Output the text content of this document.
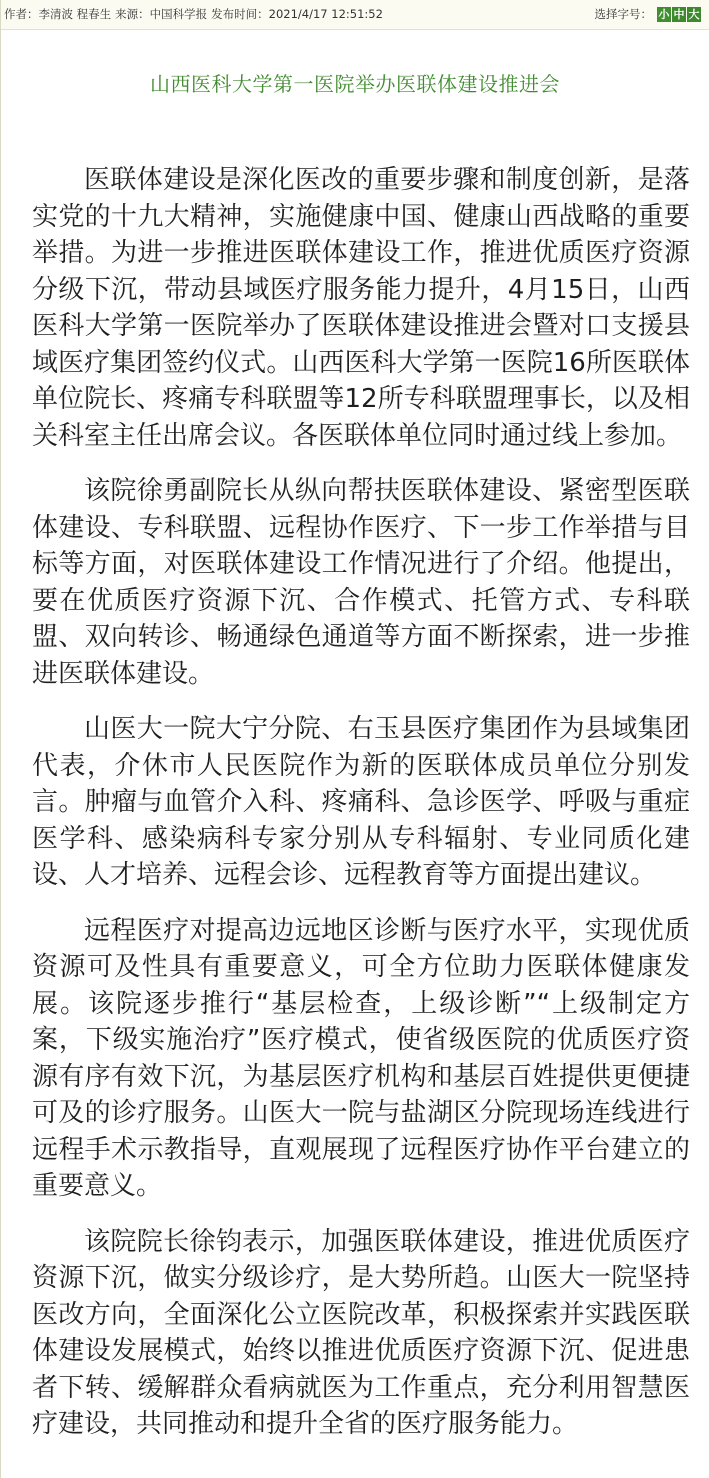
作者：李清波 程春生 来源：中国科学报 发布时间：2021/4/17 12:51:52	选择字号： 小 中 大
山西医科大学第一医院举办医联体建设推进会

医联体建设是深化医改的重要步骤和制度创新，是落实党的十九大精神，实施健康中国、健康山西战略的重要举措。为进一步推进医联体建设工作，推进优质医疗资源分级下沉，带动县域医疗服务能力提升，4月15日，山西医科大学第一医院举办了医联体建设推进会暨对口支援县域医疗集团签约仪式。山西医科大学第一医院16所医联体单位院长、疼痛专科联盟等12所专科联盟理事长，以及相关科室主任出席会议。各医联体单位同时通过线上参加。

该院徐勇副院长从纵向帮扶医联体建设、紧密型医联体建设、专科联盟、远程协作医疗、下一步工作举措与目标等方面，对医联体建设工作情况进行了介绍。他提出，要在优质医疗资源下沉、合作模式、托管方式、专科联盟、双向转诊、畅通绿色通道等方面不断探索，进一步推进医联体建设。

山医大一院大宁分院、右玉县医疗集团作为县域集团代表，介休市人民医院作为新的医联体成员单位分别发言。肿瘤与血管介入科、疼痛科、急诊医学、呼吸与重症医学科、感染病科专家分别从专科辐射、专业同质化建设、人才培养、远程会诊、远程教育等方面提出建议。

远程医疗对提高边远地区诊断与医疗水平，实现优质资源可及性具有重要意义，可全方位助力医联体健康发展。该院逐步推行“基层检查，上级诊断”“上级制定方案，下级实施治疗”医疗模式，使省级医院的优质医疗资源有序有效下沉，为基层医疗机构和基层百姓提供更便捷可及的诊疗服务。山医大一院与盐湖区分院现场连线进行远程手术示教指导，直观展现了远程医疗协作平台建立的重要意义。

该院院长徐钧表示，加强医联体建设，推进优质医疗资源下沉，做实分级诊疗，是大势所趋。山医大一院坚持医改方向，全面深化公立医院改革，积极探索并实践医联体建设发展模式，始终以推进优质医疗资源下沉、促进患者下转、缓解群众看病就医为工作重点，充分利用智慧医疗建设，共同推动和提升全省的医疗服务能力。
